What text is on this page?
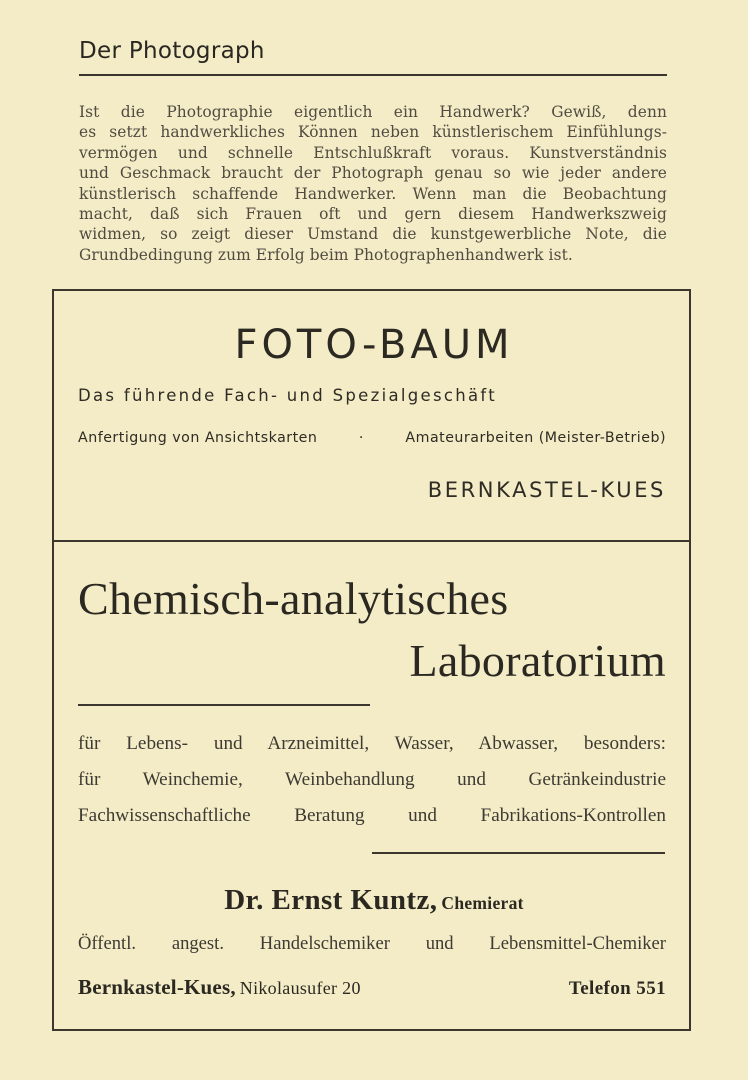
Der Photograph

Ist die Photographie eigentlich ein Handwerk? Gewiß, denn
es setzt handwerkliches Können neben künstlerischem Einfühlungs-
vermögen und schnelle Entschlußkraft voraus. Kunstverständnis
und Geschmack braucht der Photograph genau so wie jeder andere
künstlerisch schaffende Handwerker. Wenn man die Beobachtung
macht, daß sich Frauen oft und gern diesem Handwerkszweig
widmen, so zeigt dieser Umstand die kunstgewerbliche Note, die
Grundbedingung zum Erfolg beim Photographenhandwerk ist.

FOTO-BAUM
Das führende Fach- und Spezialgeschäft
Anfertigung von Ansichtskarten	·	Amateurarbeiten (Meister-Betrieb)
BERNKASTEL-KUES
Chemisch-analytisches
Laboratorium
für Lebens- und Arzneimittel, Wasser, Abwasser, besonders:
für Weinchemie, Weinbehandlung und Getränkeindustrie
Fachwissenschaftliche Beratung und Fabrikations-Kontrollen
Dr. Ernst Kuntz, Chemierat
Öffentl. angest. Handelschemiker und Lebensmittel-Chemiker
Bernkastel-Kues, Nikolausufer 20	Telefon 551
